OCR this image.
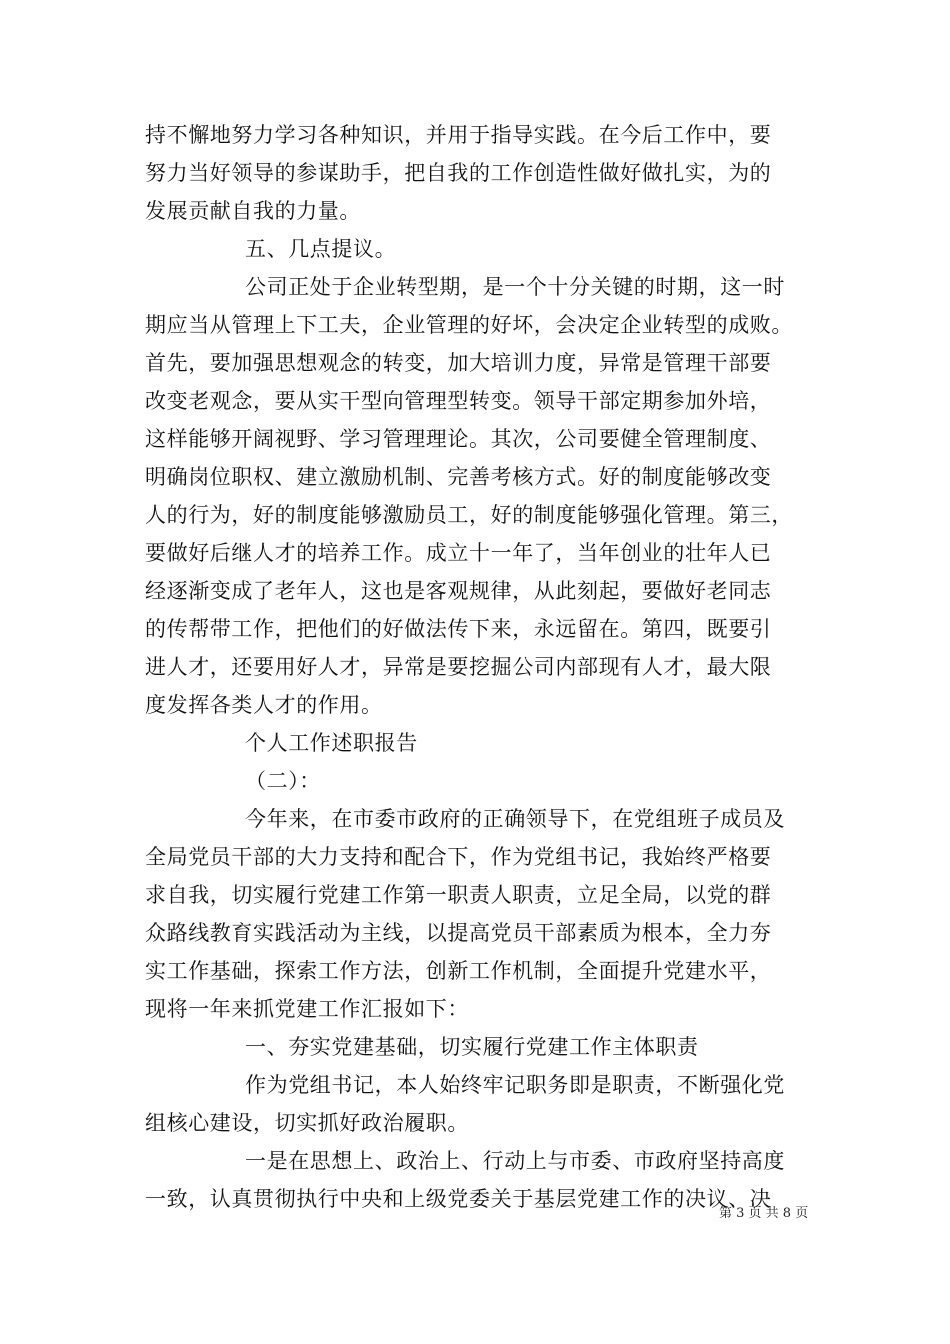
持不懈地努力学习各种知识，并用于指导实践。在今后工作中，要
努力当好领导的参谋助手，把自我的工作创造性做好做扎实，为的
发展贡献自我的力量。
五、几点提议。
公司正处于企业转型期，是一个十分关键的时期，这一时
期应当从管理上下工夫，企业管理的好坏，会决定企业转型的成败。
首先，要加强思想观念的转变，加大培训力度，异常是管理干部要
改变老观念，要从实干型向管理型转变。领导干部定期参加外培，
这样能够开阔视野、学习管理理论。其次，公司要健全管理制度、
明确岗位职权、建立激励机制、完善考核方式。好的制度能够改变
人的行为，好的制度能够激励员工，好的制度能够强化管理。第三，
要做好后继人才的培养工作。成立十一年了，当年创业的壮年人已
经逐渐变成了老年人，这也是客观规律，从此刻起，要做好老同志
的传帮带工作，把他们的好做法传下来，永远留在。第四，既要引
进人才，还要用好人才，异常是要挖掘公司内部现有人才，最大限
度发挥各类人才的作用。
个人工作述职报告
（二）：
今年来，在市委市政府的正确领导下，在党组班子成员及
全局党员干部的大力支持和配合下，作为党组书记，我始终严格要
求自我，切实履行党建工作第一职责人职责，立足全局，以党的群
众路线教育实践活动为主线，以提高党员干部素质为根本，全力夯
实工作基础，探索工作方法，创新工作机制，全面提升党建水平，
现将一年来抓党建工作汇报如下：
一、夯实党建基础，切实履行党建工作主体职责
作为党组书记，本人始终牢记职务即是职责，不断强化党
组核心建设，切实抓好政治履职。
一是在思想上、政治上、行动上与市委、市政府坚持高度
一致，认真贯彻执行中央和上级党委关于基层党建工作的决议、决
第 3 页 共 8 页
